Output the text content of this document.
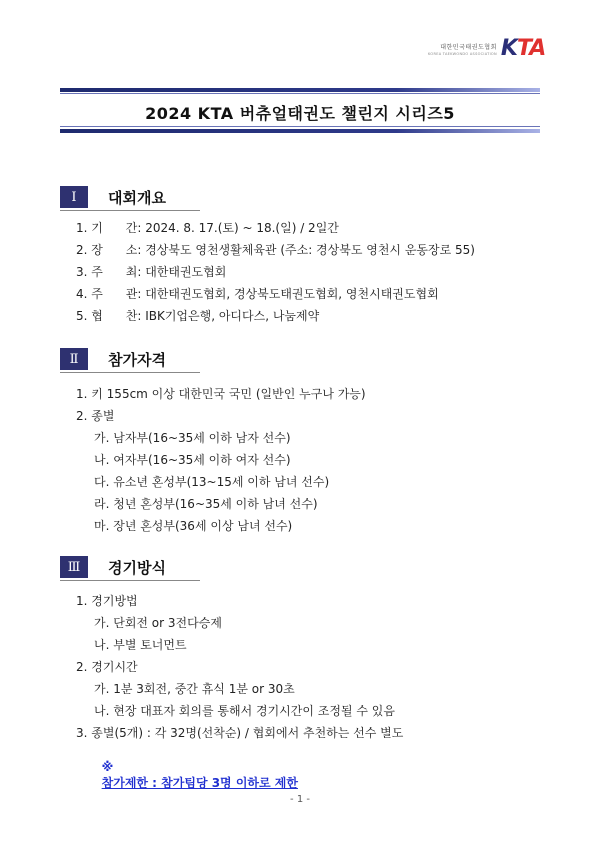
대한민국태권도협회
KOREA TAEKWONDO ASSOCIATION KTA
2024 KTA 버츄얼태권도 챌린지 시리즈5
Ⅰ	대회개요
1. 기      간: 2024. 8. 17.(토) ~ 18.(일) / 2일간
2. 장      소: 경상북도 영천생활체육관 (주소: 경상북도 영천시 운동장로 55)
3. 주      최: 대한태권도협회
4. 주      관: 대한태권도협회, 경상북도태권도협회, 영천시태권도협회
5. 협      찬: IBK기업은행, 아디다스, 나눔제약
Ⅱ	참가자격
1. 키 155cm 이상 대한민국 국민 (일반인 누구나 가능)
2. 종별
가. 남자부(16~35세 이하 남자 선수)
나. 여자부(16~35세 이하 여자 선수)
다. 유소년 혼성부(13~15세 이하 남녀 선수)
라. 청년 혼성부(16~35세 이하 남녀 선수)
마. 장년 혼성부(36세 이상 남녀 선수)
Ⅲ	경기방식
1. 경기방법
가. 단회전 or 3전다승제
나. 부별 토너먼트
2. 경기시간
가. 1분 3회전, 중간 휴식 1분 or 30초
나. 현장 대표자 회의를 통해서 경기시간이 조정될 수 있음
3. 종별(5개) : 각 32명(선착순) / 협회에서 추천하는 선수 별도

※
참가제한 : 참가팀당 3명 이하로 제한

- 1 -
